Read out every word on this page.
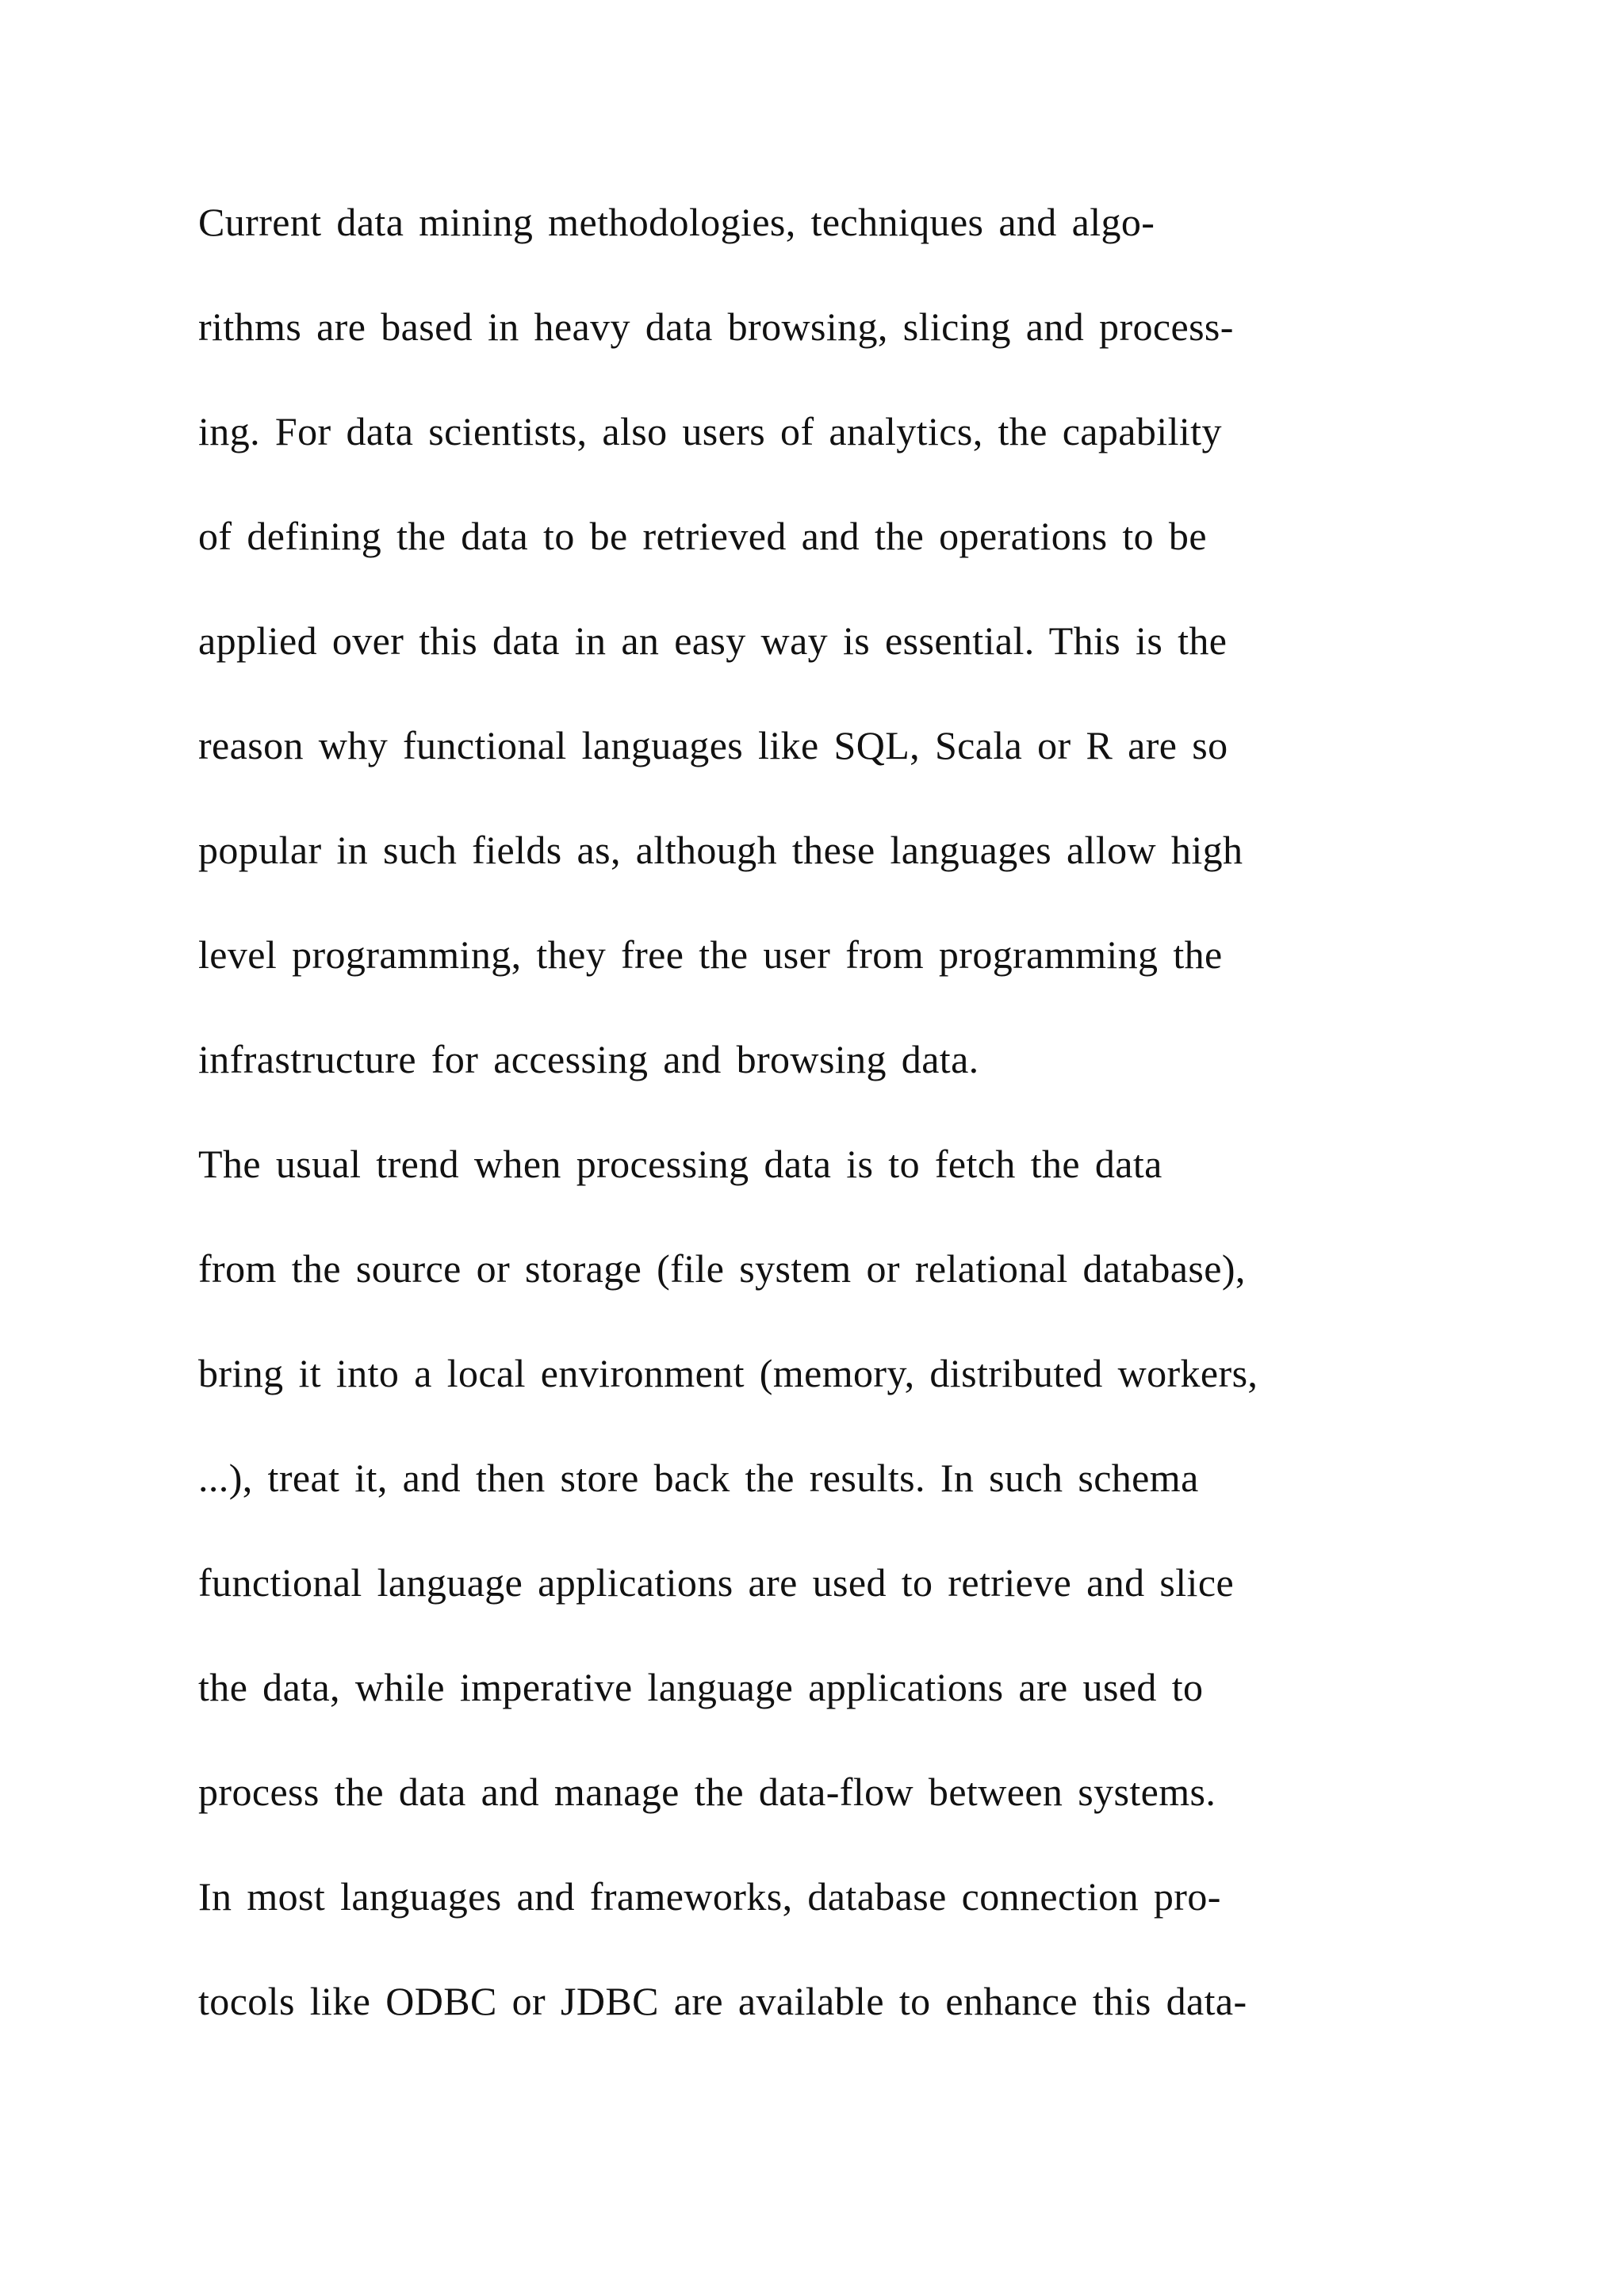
Current data mining methodologies, techniques and algo-
rithms are based in heavy data browsing, slicing and process-
ing. For data scientists, also users of analytics, the capability
of defining the data to be retrieved and the operations to be
applied over this data in an easy way is essential. This is the
reason why functional languages like SQL, Scala or R are so
popular in such fields as, although these languages allow high
level programming, they free the user from programming the
infrastructure for accessing and browsing data.
The usual trend when processing data is to fetch the data
from the source or storage (file system or relational database),
bring it into a local environment (memory, distributed workers,
...), treat it, and then store back the results. In such schema
functional language applications are used to retrieve and slice
the data, while imperative language applications are used to
process the data and manage the data-flow between systems.
In most languages and frameworks, database connection pro-
tocols like ODBC or JDBC are available to enhance this data-
